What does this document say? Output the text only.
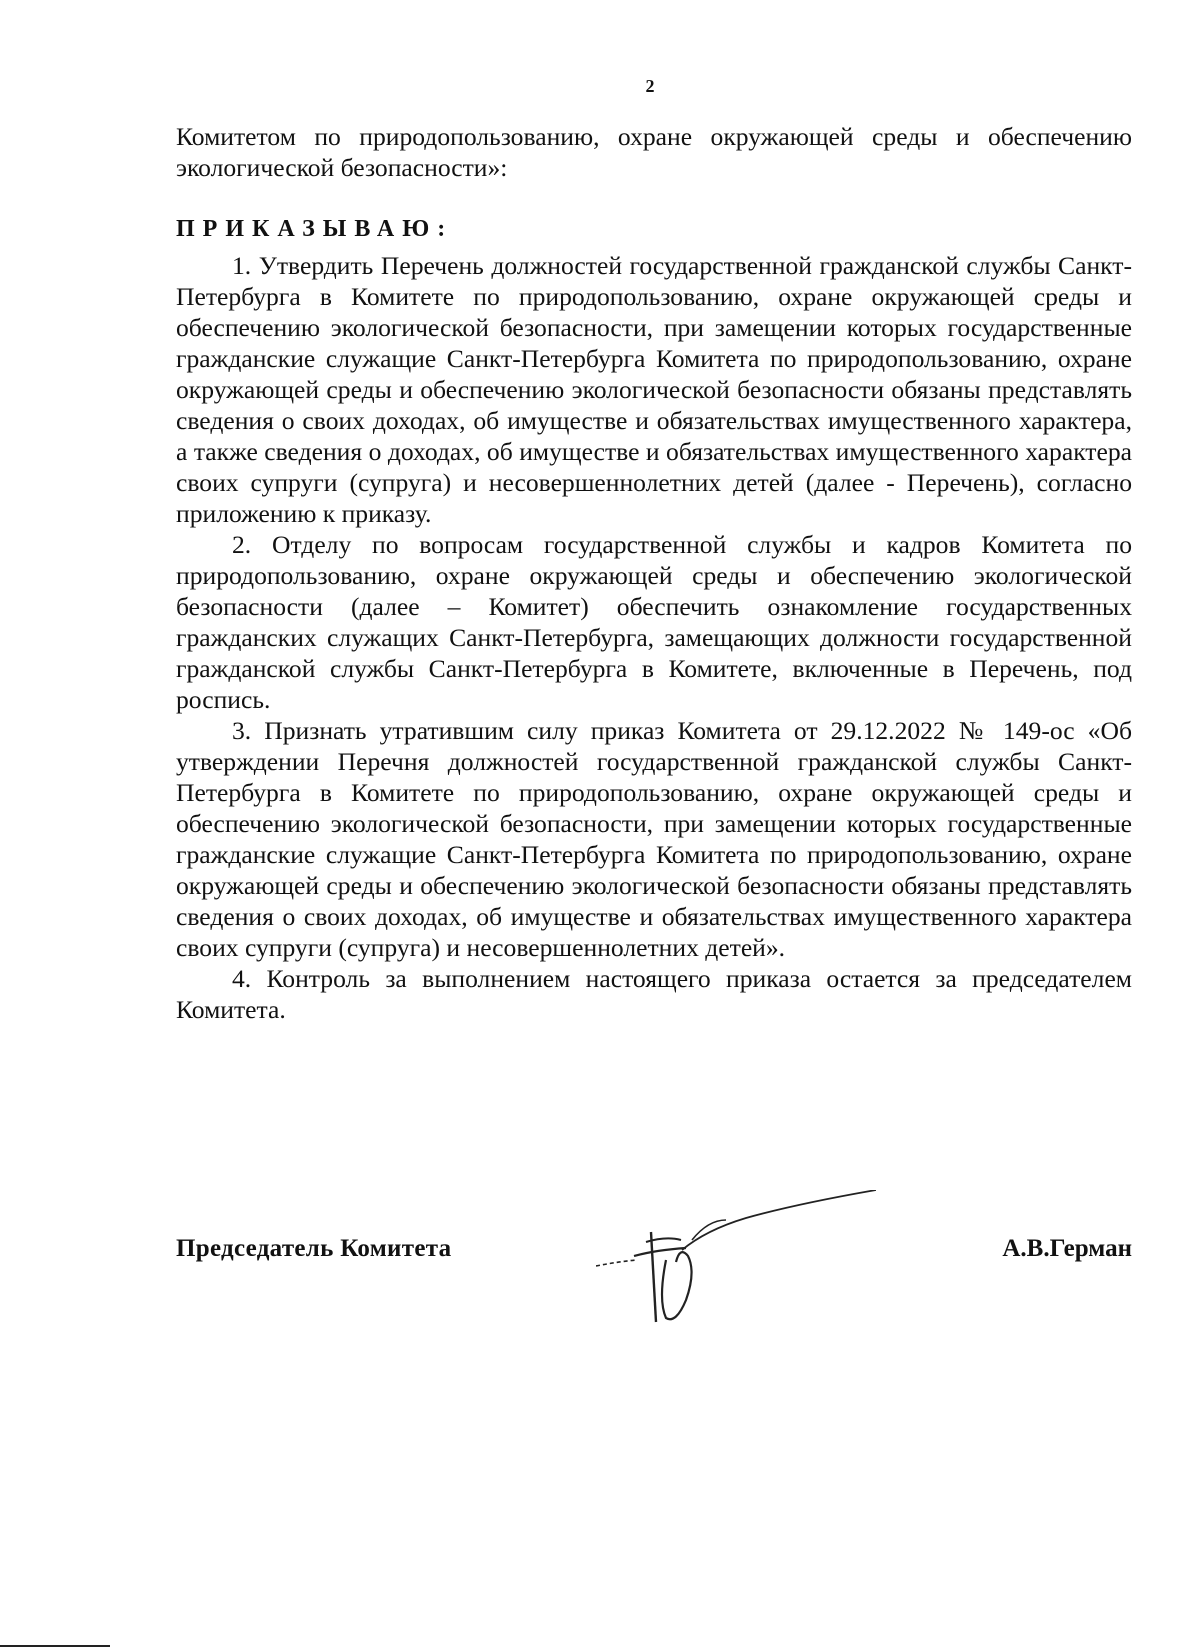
2
Комитетом по природопользованию, охране окружающей среды и обеспечению экологической безопасности»:
ПРИКАЗЫВАЮ:

1. Утвердить Перечень должностей государственной гражданской службы Санкт-Петербурга в Комитете по природопользованию, охране окружающей среды и обеспечению экологической безопасности, при замещении которых государственные гражданские служащие Санкт-Петербурга Комитета по природопользованию, охране окружающей среды и обеспечению экологической безопасности обязаны представлять сведения о своих доходах, об имуществе и обязательствах имущественного характера, а также сведения о доходах, об имуществе и обязательствах имущественного характера своих супруги (супруга) и несовершеннолетних детей (далее - Перечень), согласно приложению к приказу.

2. Отделу по вопросам государственной службы и кадров Комитета по природопользованию, охране окружающей среды и обеспечению экологической безопасности (далее – Комитет) обеспечить ознакомление государственных гражданских служащих Санкт-Петербурга, замещающих должности государственной гражданской службы Санкт-Петербурга в Комитете, включенные в Перечень, под роспись.

3. Признать утратившим силу приказ Комитета от 29.12.2022 № 149-ос «Об утверждении Перечня должностей государственной гражданской службы Санкт-Петербурга в Комитете по природопользованию, охране окружающей среды и обеспечению экологической безопасности, при замещении которых государственные гражданские служащие Санкт-Петербурга Комитета по природопользованию, охране окружающей среды и обеспечению экологической безопасности обязаны представлять сведения о своих доходах, об имуществе и обязательствах имущественного характера своих супруги (супруга) и несовершеннолетних детей».

4. Контроль за выполнением настоящего приказа остается за председателем Комитета.

Председатель Комитета	А.В.Герман
